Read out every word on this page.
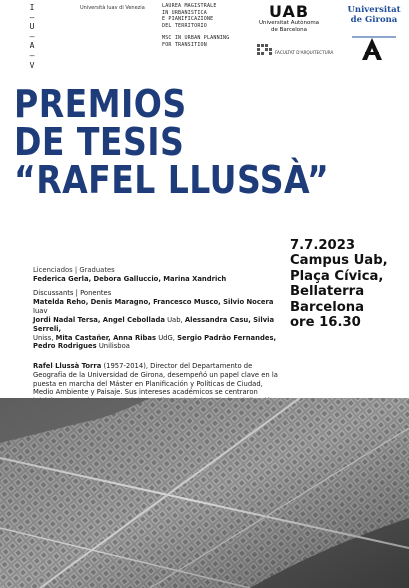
I
–
U
–
A
–
V
Università Iuav di Venezia	LAUREA MAGISTRALE
IN URBANISTICA
E PIANIFICAZIONE
DEL TERRITORIO
MSC IN URBAN PLANNING
FOR TRANSITION
UAB
Universitat Autònoma
de Barcelona
Universitat
de Girona
FACULTAT D'ARQUITECTURA
PREMIOS
DE TESIS
“RAFEL LLUSSÀ”
Licenciados | Graduates
Federica Gerla, Debora Galluccio, Marina Xandrich
Discussants | Ponentes
Matelda Reho, Denis Maragno, Francesco Musco, Silvio Nocera Iuav
Jordi Nadal Tersa, Angel Cebollada Uab, Alessandra Casu, Silvia Serreli,
Uniss, Mita Castañer, Anna Ribas UdG, Sergio Padrão Fernandes,
Pedro Rodrigues Unilisboa
Rafel Llussà Torra (1957-2014), Director del Departamento de Geografía de la Universidad de Girona, desempeñó un papel clave en la puesta en marcha del Máster en Planificación y Políticas de Ciudad, Medio Ambiente y Paisaje. Sus intereses académicos se centraron
7.7.2023
Campus Uab,
Plaça Cívica,
Bellaterra
Barcelona
ore 16.30
